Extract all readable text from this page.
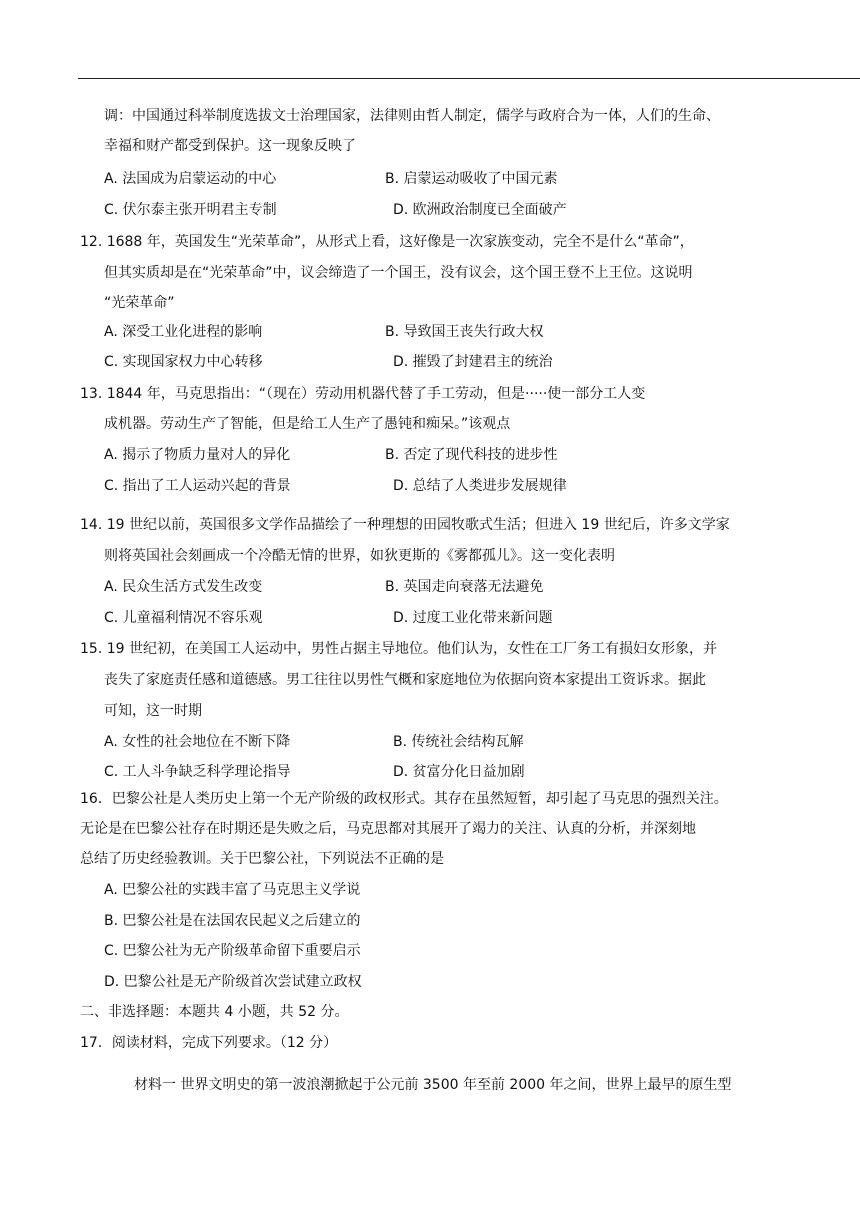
调：中国通过科举制度选拔文士治理国家，法律则由哲人制定，儒学与政府合为一体，人们的生命、
幸福和财产都受到保护。这一现象反映了
A. 法国成为启蒙运动的中心	B. 启蒙运动吸收了中国元素
C. 伏尔泰主张开明君主专制	D. 欧洲政治制度已全面破产
12. 1688 年，英国发生“光荣革命”，从形式上看，这好像是一次家族变动，完全不是什么“革命”，
但其实质却是在“光荣革命”中，议会缔造了一个国王，没有议会，这个国王登不上王位。这说明
“光荣革命”
A. 深受工业化进程的影响	B. 导致国王丧失行政大权
C. 实现国家权力中心转移	D. 摧毁了封建君主的统治
13. 1844 年，马克思指出：“（现在）劳动用机器代替了手工劳动，但是·····使一部分工人变
成机器。劳动生产了智能，但是给工人生产了愚钝和痴呆。”该观点
A. 揭示了物质力量对人的异化	B. 否定了现代科技的进步性
C. 指出了工人运动兴起的背景	D. 总结了人类进步发展规律
14. 19 世纪以前，英国很多文学作品描绘了一种理想的田园牧歌式生活；但进入 19 世纪后，许多文学家
则将英国社会刻画成一个冷酷无情的世界，如狄更斯的《雾都孤儿》。这一变化表明
A. 民众生活方式发生改变	B. 英国走向衰落无法避免
C. 儿童福利情况不容乐观	D. 过度工业化带来新问题
15. 19 世纪初，在美国工人运动中，男性占据主导地位。他们认为，女性在工厂务工有损妇女形象，并
丧失了家庭责任感和道德感。男工往往以男性气概和家庭地位为依据向资本家提出工资诉求。据此
可知，这一时期
A. 女性的社会地位在不断下降	B. 传统社会结构瓦解
C. 工人斗争缺乏科学理论指导	D. 贫富分化日益加剧
16．巴黎公社是人类历史上第一个无产阶级的政权形式。其存在虽然短暂，却引起了马克思的强烈关注。
无论是在巴黎公社存在时期还是失败之后，马克思都对其展开了竭力的关注、认真的分析，并深刻地
总结了历史经验教训。关于巴黎公社，下列说法不正确的是
A. 巴黎公社的实践丰富了马克思主义学说
B. 巴黎公社是在法国农民起义之后建立的
C. 巴黎公社为无产阶级革命留下重要启示
D. 巴黎公社是无产阶级首次尝试建立政权
二、非选择题：本题共 4 小题，共 52 分。
17．阅读材料，完成下列要求。（12 分）
材料一 世界文明史的第一波浪潮掀起于公元前 3500 年至前 2000 年之间，世界上最早的原生型
